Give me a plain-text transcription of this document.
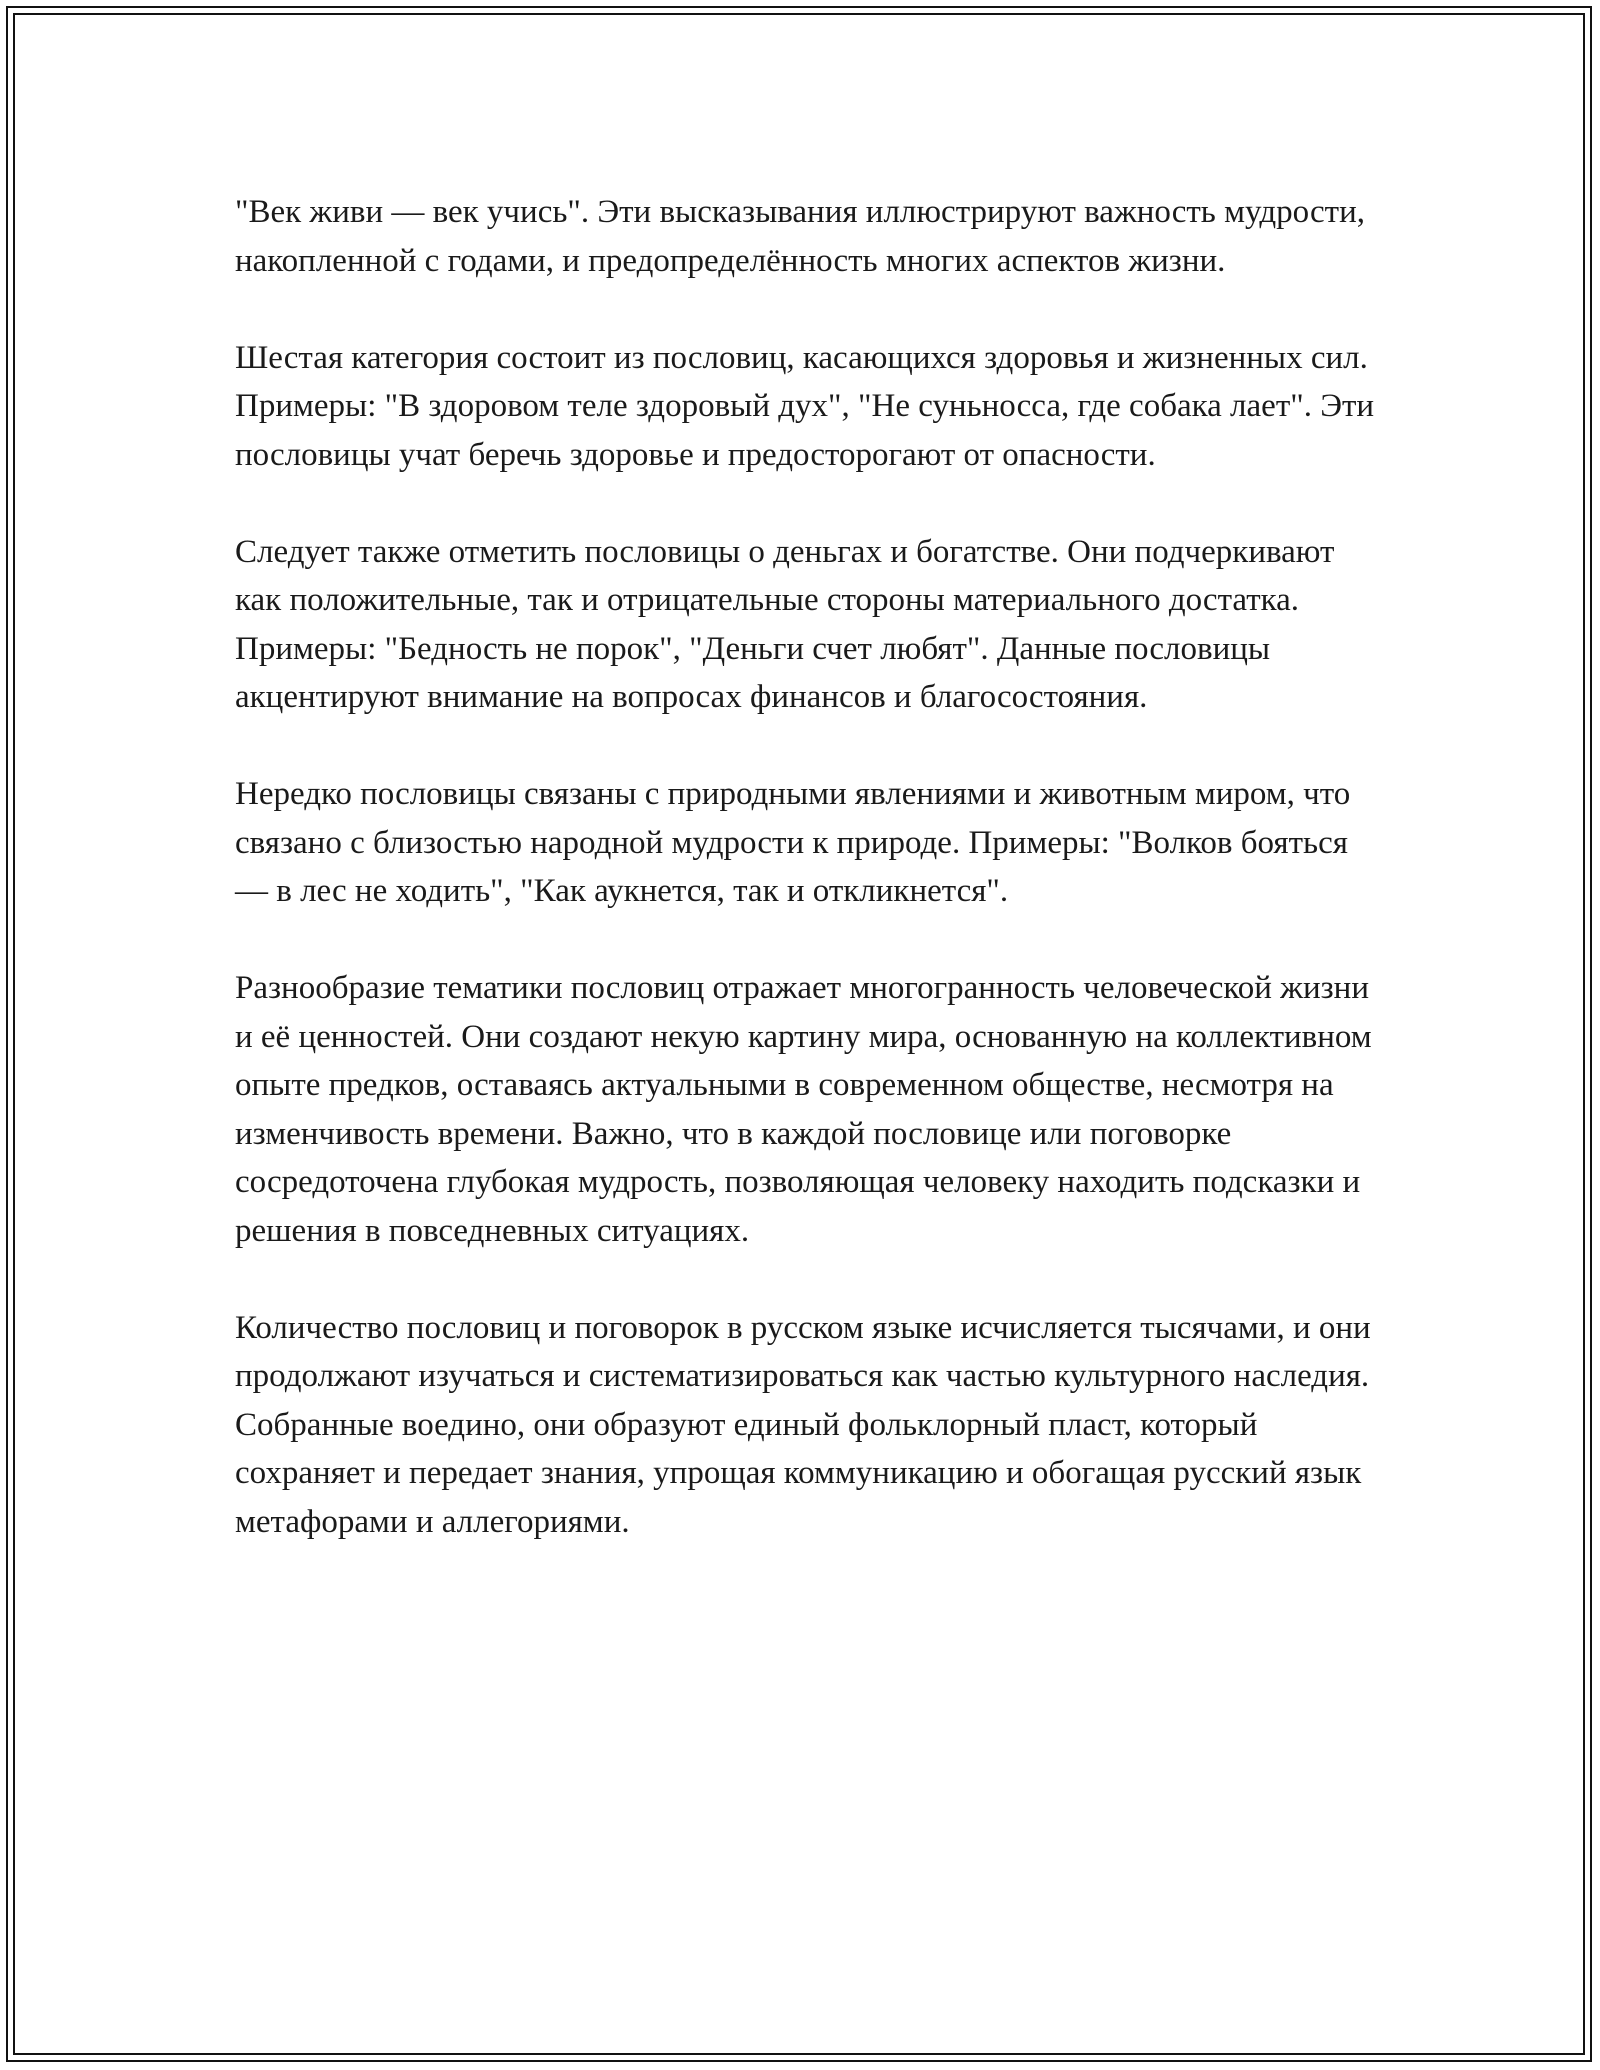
"Век живи — век учись". Эти высказывания иллюстрируют важность мудрости, накопленной с годами, и предопределённость многих аспектов жизни.

Шестая категория состоит из пословиц, касающихся здоровья и жизненных сил. Примеры: "В здоровом теле здоровый дух", "Не суньносса, где собака лает". Эти пословицы учат беречь здоровье и предосторогают от опасности.

Следует также отметить пословицы о деньгах и богатстве. Они подчеркивают как положительные, так и отрицательные стороны материального достатка. Примеры: "Бедность не порок", "Деньги счет любят". Данные пословицы акцентируют внимание на вопросах финансов и благосостояния.

Нередко пословицы связаны с природными явлениями и животным миром, что связано с близостью народной мудрости к природе. Примеры: "Волков бояться — в лес не ходить", "Как аукнется, так и откликнется".

Разнообразие тематики пословиц отражает многогранность человеческой жизни и её ценностей. Они создают некую картину мира, основанную на коллективном опыте предков, оставаясь актуальными в современном обществе, несмотря на изменчивость времени. Важно, что в каждой пословице или поговорке сосредоточена глубокая мудрость, позволяющая человеку находить подсказки и решения в повседневных ситуациях.

Количество пословиц и поговорок в русском языке исчисляется тысячами, и они продолжают изучаться и систематизироваться как частью культурного наследия. Собранные воедино, они образуют единый фольклорный пласт, который сохраняет и передает знания, упрощая коммуникацию и обогащая русский язык метафорами и аллегориями.
